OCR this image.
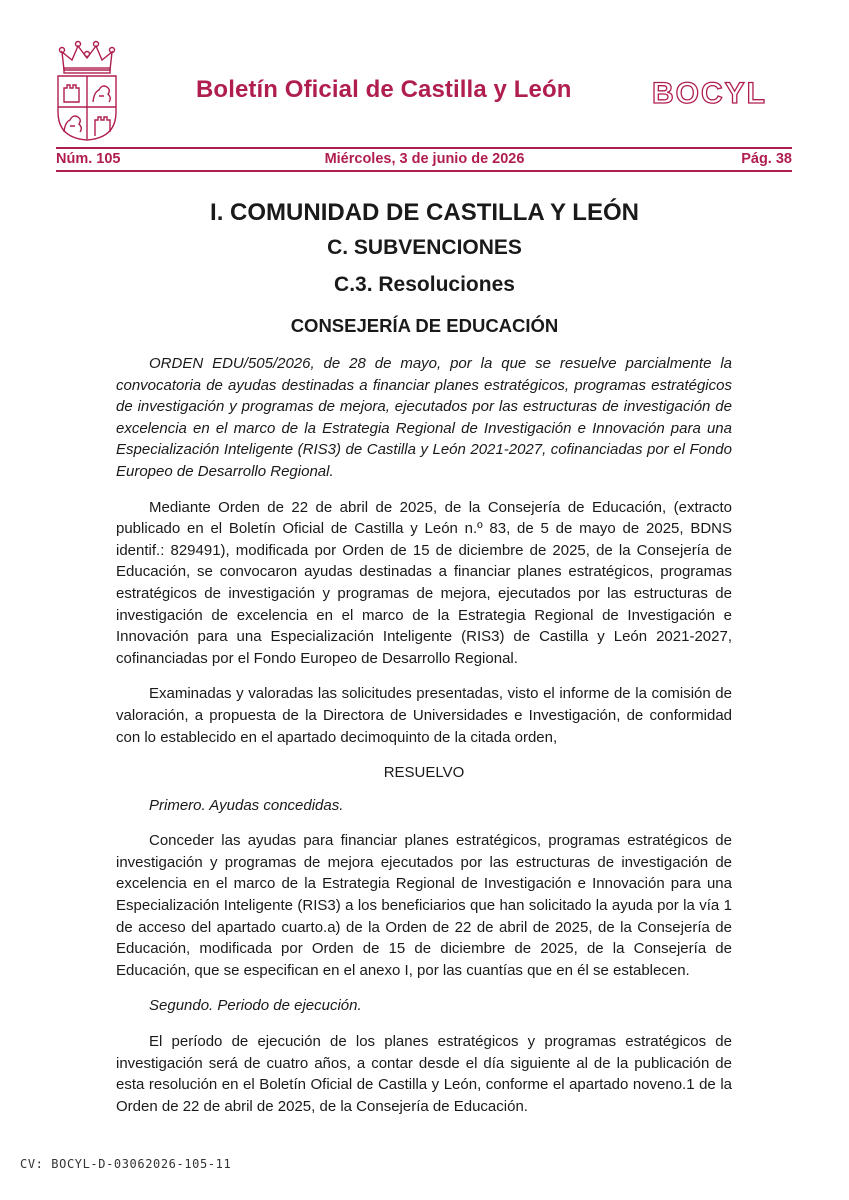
Boletín Oficial de Castilla y León	BOCYL
Miércoles, 3 de junio de 2026
Núm. 105	Pág. 38
I. COMUNIDAD DE CASTILLA Y LEÓN
C. SUBVENCIONES
C.3. Resoluciones
CONSEJERÍA DE EDUCACIÓN

ORDEN EDU/505/2026, de 28 de mayo, por la que se resuelve parcialmente la convocatoria de ayudas destinadas a financiar planes estratégicos, programas estratégicos de investigación y programas de mejora, ejecutados por las estructuras de investigación de excelencia en el marco de la Estrategia Regional de Investigación e Innovación para una Especialización Inteligente (RIS3) de Castilla y León 2021-2027, cofinanciadas por el Fondo Europeo de Desarrollo Regional.

Mediante Orden de 22 de abril de 2025, de la Consejería de Educación, (extracto publicado en el Boletín Oficial de Castilla y León n.º 83, de 5 de mayo de 2025, BDNS identif.: 829491), modificada por Orden de 15 de diciembre de 2025, de la Consejería de Educación, se convocaron ayudas destinadas a financiar planes estratégicos, programas estratégicos de investigación y programas de mejora, ejecutados por las estructuras de investigación de excelencia en el marco de la Estrategia Regional de Investigación e Innovación para una Especialización Inteligente (RIS3) de Castilla y León 2021-2027, cofinanciadas por el Fondo Europeo de Desarrollo Regional.

Examinadas y valoradas las solicitudes presentadas, visto el informe de la comisión de valoración, a propuesta de la Directora de Universidades e Investigación, de conformidad con lo establecido en el apartado decimoquinto de la citada orden,

RESUELVO

Primero. Ayudas concedidas.

Conceder las ayudas para financiar planes estratégicos, programas estratégicos de investigación y programas de mejora ejecutados por las estructuras de investigación de excelencia en el marco de la Estrategia Regional de Investigación e Innovación para una Especialización Inteligente (RIS3) a los beneficiarios que han solicitado la ayuda por la vía 1 de acceso del apartado cuarto.a) de la Orden de 22 de abril de 2025, de la Consejería de Educación, modificada por Orden de 15 de diciembre de 2025, de la Consejería de Educación, que se especifican en el anexo I, por las cuantías que en él se establecen.

Segundo. Periodo de ejecución.

El período de ejecución de los planes estratégicos y programas estratégicos de investigación será de cuatro años, a contar desde el día siguiente al de la publicación de esta resolución en el Boletín Oficial de Castilla y León, conforme el apartado noveno.1 de la Orden de 22 de abril de 2025, de la Consejería de Educación.

CV: BOCYL-D-03062026-105-11
